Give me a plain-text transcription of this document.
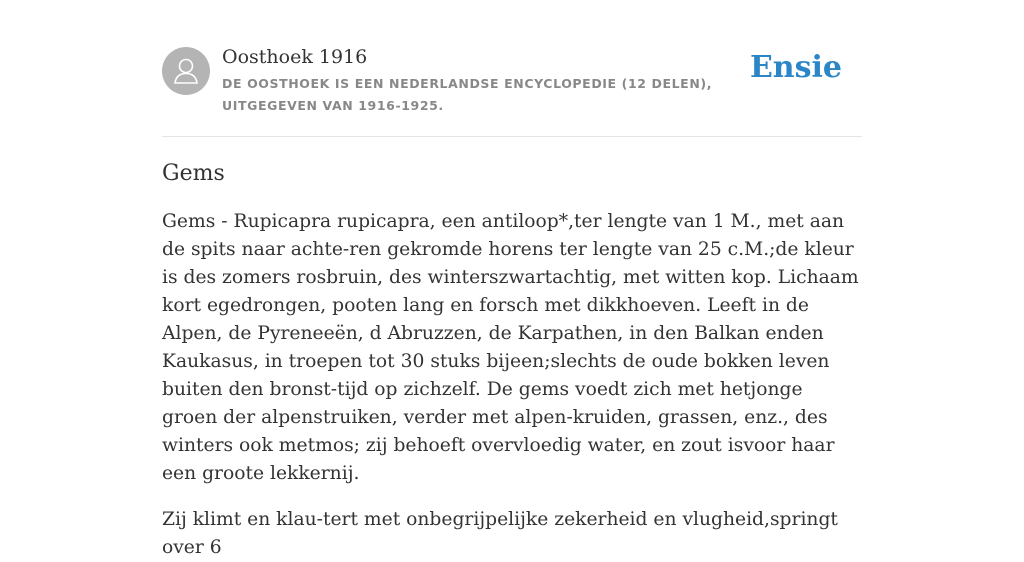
Oosthoek 1916
DE OOSTHOEK IS EEN NEDERLANDSE ENCYCLOPEDIE (12 DELEN), UITGEGEVEN VAN 1916-1925.
Ensie
Gems

Gems - Rupicapra rupicapra, een antiloop*,ter lengte van 1 M., met aan de spits naar achte-ren gekromde horens ter lengte van 25 c.M.;de kleur is des zomers rosbruin, des winterszwartachtig, met witten kop. Lichaam kort egedrongen, pooten lang en forsch met dikkhoeven. Leeft in de Alpen, de Pyreneeën, d Abruzzen, de Karpathen, in den Balkan enden Kaukasus, in troepen tot 30 stuks bijeen;slechts de oude bokken leven buiten den bronst-tijd op zichzelf. De gems voedt zich met hetjonge groen der alpenstruiken, verder met alpen-kruiden, grassen, enz., des winters ook metmos; zij behoeft overvloedig water, en zout isvoor haar een groote lekkernij.

Zij klimt en klau-tert met onbegrijpelijke zekerheid en vlugheid,springt over 6
